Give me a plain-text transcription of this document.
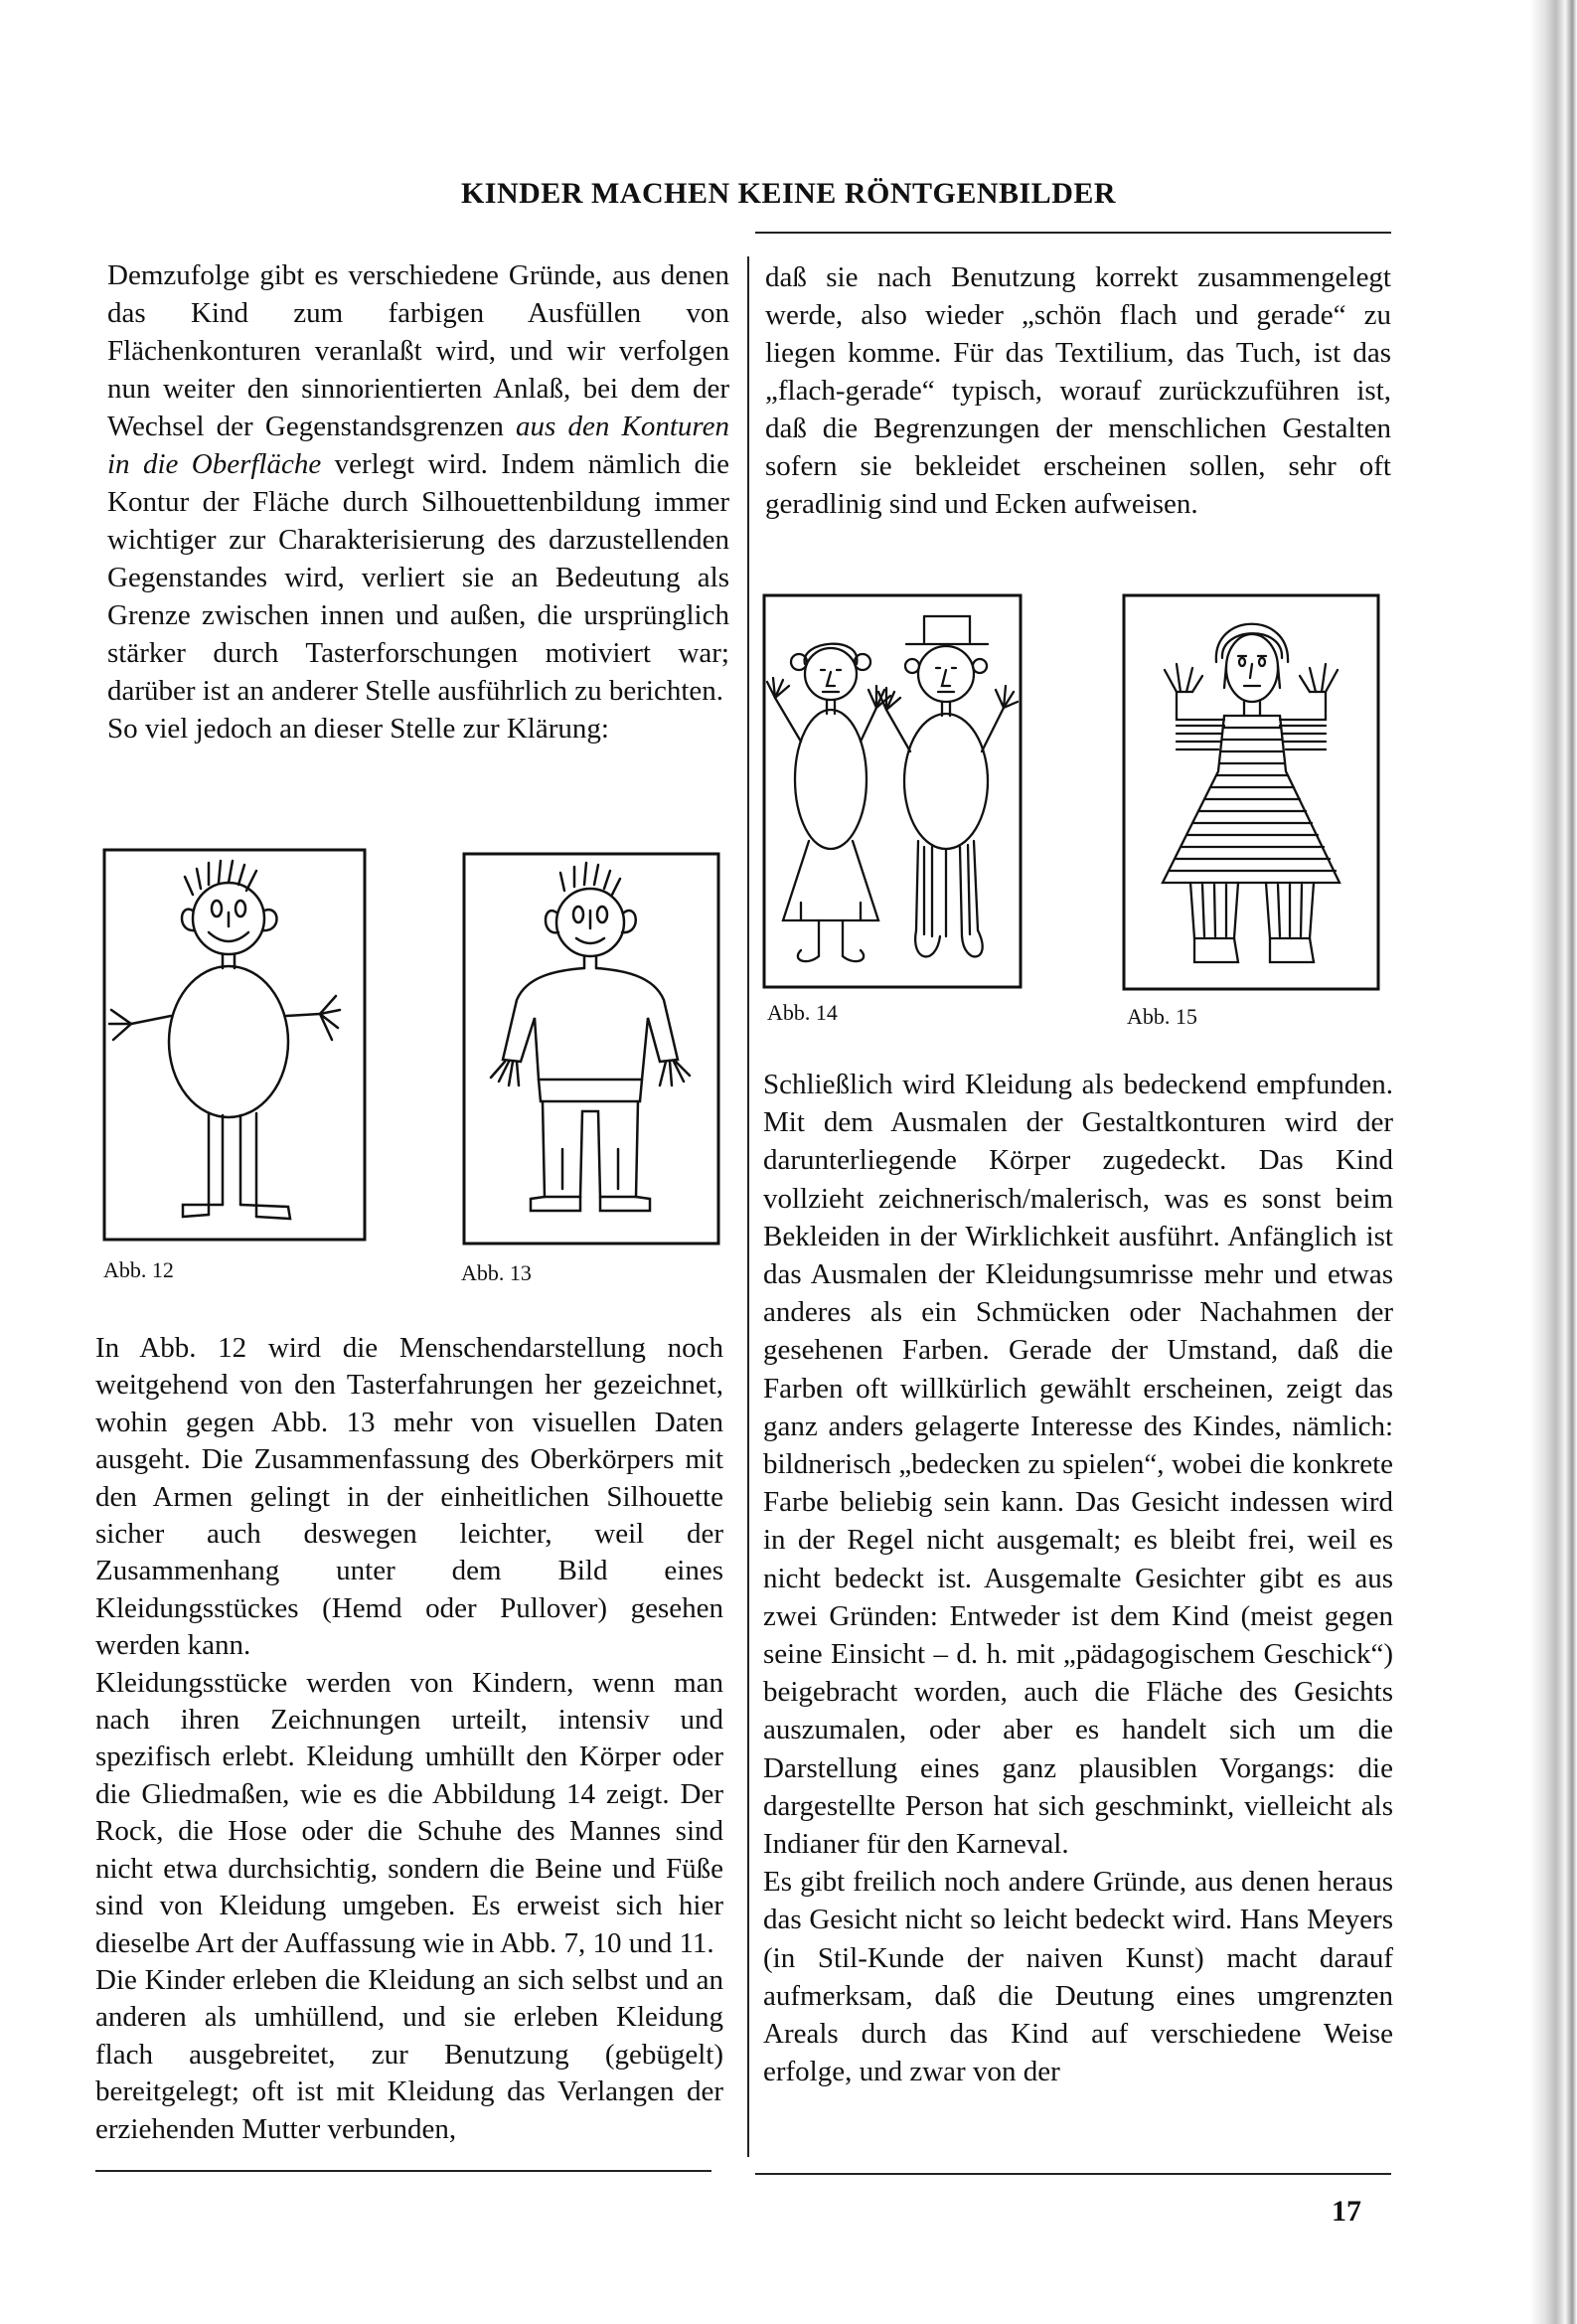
KINDER MACHEN KEINE RÖNTGENBILDER

Demzufolge gibt es verschiedene Gründe, aus denen das Kind zum farbigen Ausfüllen von Flächenkonturen veranlaßt wird, und wir verfolgen nun weiter den sinnorientierten Anlaß, bei dem der Wechsel der Gegenstandsgrenzen aus den Konturen in die Oberfläche verlegt wird. Indem nämlich die Kontur der Fläche durch Silhouettenbildung immer wichtiger zur Charakterisierung des darzustellenden Gegenstandes wird, verliert sie an Bedeutung als Grenze zwischen innen und außen, die ursprünglich stärker durch Tasterforschungen motiviert war; darüber ist an anderer Stelle ausführlich zu berichten.

So viel jedoch an dieser Stelle zur Klärung:

Abb. 12	Abb. 13

In Abb. 12 wird die Menschendarstellung noch weitgehend von den Tasterfahrungen her gezeichnet, wohin gegen Abb. 13 mehr von visuellen Daten ausgeht. Die Zusammenfassung des Oberkörpers mit den Armen gelingt in der einheitlichen Silhouette sicher auch deswegen leichter, weil der Zusammenhang unter dem Bild eines Kleidungsstückes (Hemd oder Pullover) gesehen werden kann.

Kleidungsstücke werden von Kindern, wenn man nach ihren Zeichnungen urteilt, intensiv und spezifisch erlebt. Kleidung umhüllt den Körper oder die Gliedmaßen, wie es die Abbildung 14 zeigt. Der Rock, die Hose oder die Schuhe des Mannes sind nicht etwa durchsichtig, sondern die Beine und Füße sind von Kleidung umgeben. Es erweist sich hier dieselbe Art der Auffassung wie in Abb. 7, 10 und 11.

Die Kinder erleben die Kleidung an sich selbst und an anderen als umhüllend, und sie erleben Kleidung flach ausgebreitet, zur Benutzung (gebügelt) bereitgelegt; oft ist mit Kleidung das Verlangen der erziehenden Mutter verbunden,

daß sie nach Benutzung korrekt zusammengelegt werde, also wieder „schön flach und gerade“ zu liegen komme. Für das Textilium, das Tuch, ist das „flach-gerade“ typisch, worauf zurückzuführen ist, daß die Begrenzungen der menschlichen Gestalten sofern sie bekleidet erscheinen sollen, sehr oft geradlinig sind und Ecken aufweisen.

Abb. 14	Abb. 15

Schließlich wird Kleidung als bedeckend empfunden. Mit dem Ausmalen der Gestaltkonturen wird der darunterliegende Körper zugedeckt. Das Kind vollzieht zeichnerisch/malerisch, was es sonst beim Bekleiden in der Wirklichkeit ausführt. Anfänglich ist das Ausmalen der Kleidungsumrisse mehr und etwas anderes als ein Schmücken oder Nachahmen der gesehenen Farben. Gerade der Umstand, daß die Farben oft willkürlich gewählt erscheinen, zeigt das ganz anders gelagerte Interesse des Kindes, nämlich: bildnerisch „bedecken zu spielen“, wobei die konkrete Farbe beliebig sein kann. Das Gesicht indessen wird in der Regel nicht ausgemalt; es bleibt frei, weil es nicht bedeckt ist. Ausgemalte Gesichter gibt es aus zwei Gründen: Entweder ist dem Kind (meist gegen seine Einsicht – d. h. mit „pädagogischem Geschick“) beigebracht worden, auch die Fläche des Gesichts auszumalen, oder aber es handelt sich um die Darstellung eines ganz plausiblen Vorgangs: die dargestellte Person hat sich geschminkt, vielleicht als Indianer für den Karneval.

Es gibt freilich noch andere Gründe, aus denen heraus das Gesicht nicht so leicht bedeckt wird. Hans Meyers (in Stil-Kunde der naiven Kunst) macht darauf aufmerksam, daß die Deutung eines umgrenzten Areals durch das Kind auf verschiedene Weise erfolge, und zwar von der

17
